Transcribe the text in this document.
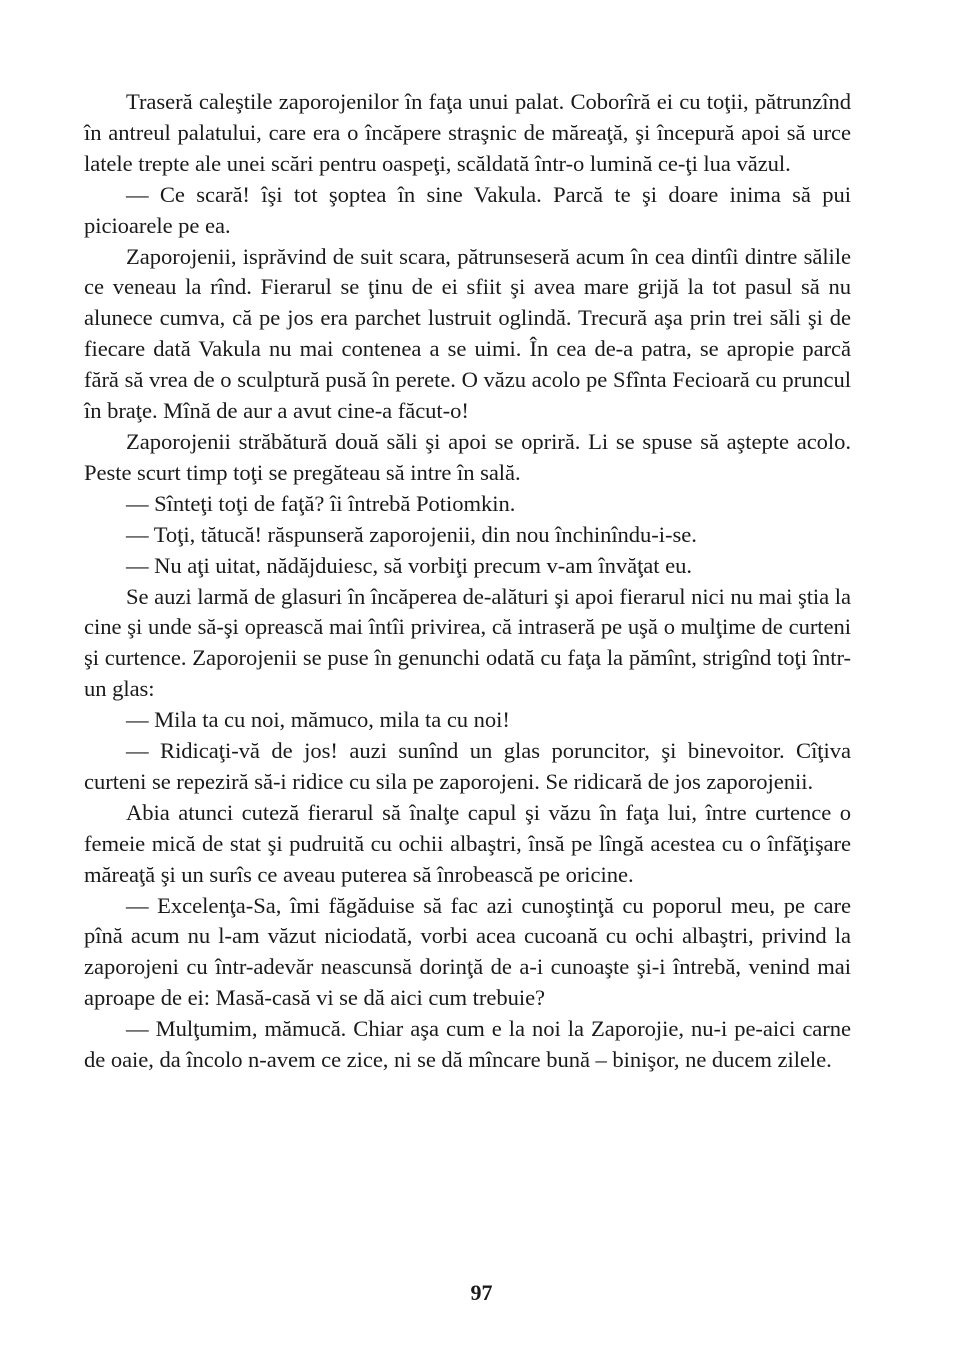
Traseră caleştile zaporojenilor în faţa unui palat. Coborîră ei cu toţii, pătrunzînd în antreul palatului, care era o încăpere straşnic de măreaţă, şi începură apoi să urce latele trepte ale unei scări pentru oaspeţi, scăldată într-o lumină ce-ţi lua văzul.

— Ce scară! îşi tot şoptea în sine Vakula. Parcă te şi doare inima să pui picioarele pe ea.

Zaporojenii, isprăvind de suit scara, pătrunseseră acum în cea dintîi dintre sălile ce veneau la rînd. Fierarul se ţinu de ei sfiit şi avea mare grijă la tot pasul să nu alunece cumva, că pe jos era parchet lustruit oglindă. Trecură aşa prin trei săli şi de fiecare dată Vakula nu mai contenea a se uimi. În cea de-a patra, se apropie parcă fără să vrea de o sculptură pusă în perete. O văzu acolo pe Sfînta Fecioară cu pruncul în braţe. Mînă de aur a avut cine-a făcut-o!

Zaporojenii străbătură două săli şi apoi se opriră. Li se spuse să aştepte acolo. Peste scurt timp toţi se pregăteau să intre în sală.

— Sînteţi toţi de faţă? îi întrebă Potiomkin.

— Toţi, tătucă! răspunseră zaporojenii, din nou închinîndu-i-se.

— Nu aţi uitat, nădăjduiesc, să vorbiţi precum v-am învăţat eu.

Se auzi larmă de glasuri în încăperea de-alături şi apoi fierarul nici nu mai ştia la cine şi unde să-şi oprească mai întîi privirea, că intraseră pe uşă o mulţime de curteni şi curtence. Zaporojenii se puse în genunchi odată cu faţa la pămînt, strigînd toţi într-un glas:

— Mila ta cu noi, mămuco, mila ta cu noi!

— Ridicaţi-vă de jos! auzi sunînd un glas poruncitor, şi binevoitor. Cîţiva curteni se repeziră să-i ridice cu sila pe zaporojeni. Se ridicară de jos zaporojenii.

Abia atunci cuteză fierarul să înalţe capul şi văzu în faţa lui, între curtence o femeie mică de stat şi pudruită cu ochii albaştri, însă pe lîngă acestea cu o înfăţişare măreaţă şi un surîs ce aveau puterea să înrobească pe oricine.

— Excelenţa-Sa, îmi făgăduise să fac azi cunoştinţă cu poporul meu, pe care pînă acum nu l-am văzut niciodată, vorbi acea cucoană cu ochi albaştri, privind la zaporojeni cu într-adevăr neascunsă dorinţă de a-i cunoaşte şi-i întrebă, venind mai aproape de ei: Masă-casă vi se dă aici cum trebuie?

— Mulţumim, mămucă. Chiar aşa cum e la noi la Zaporojie, nu-i pe-aici carne de oaie, da încolo n-avem ce zice, ni se dă mîncare bună – binişor, ne ducem zilele.

97
